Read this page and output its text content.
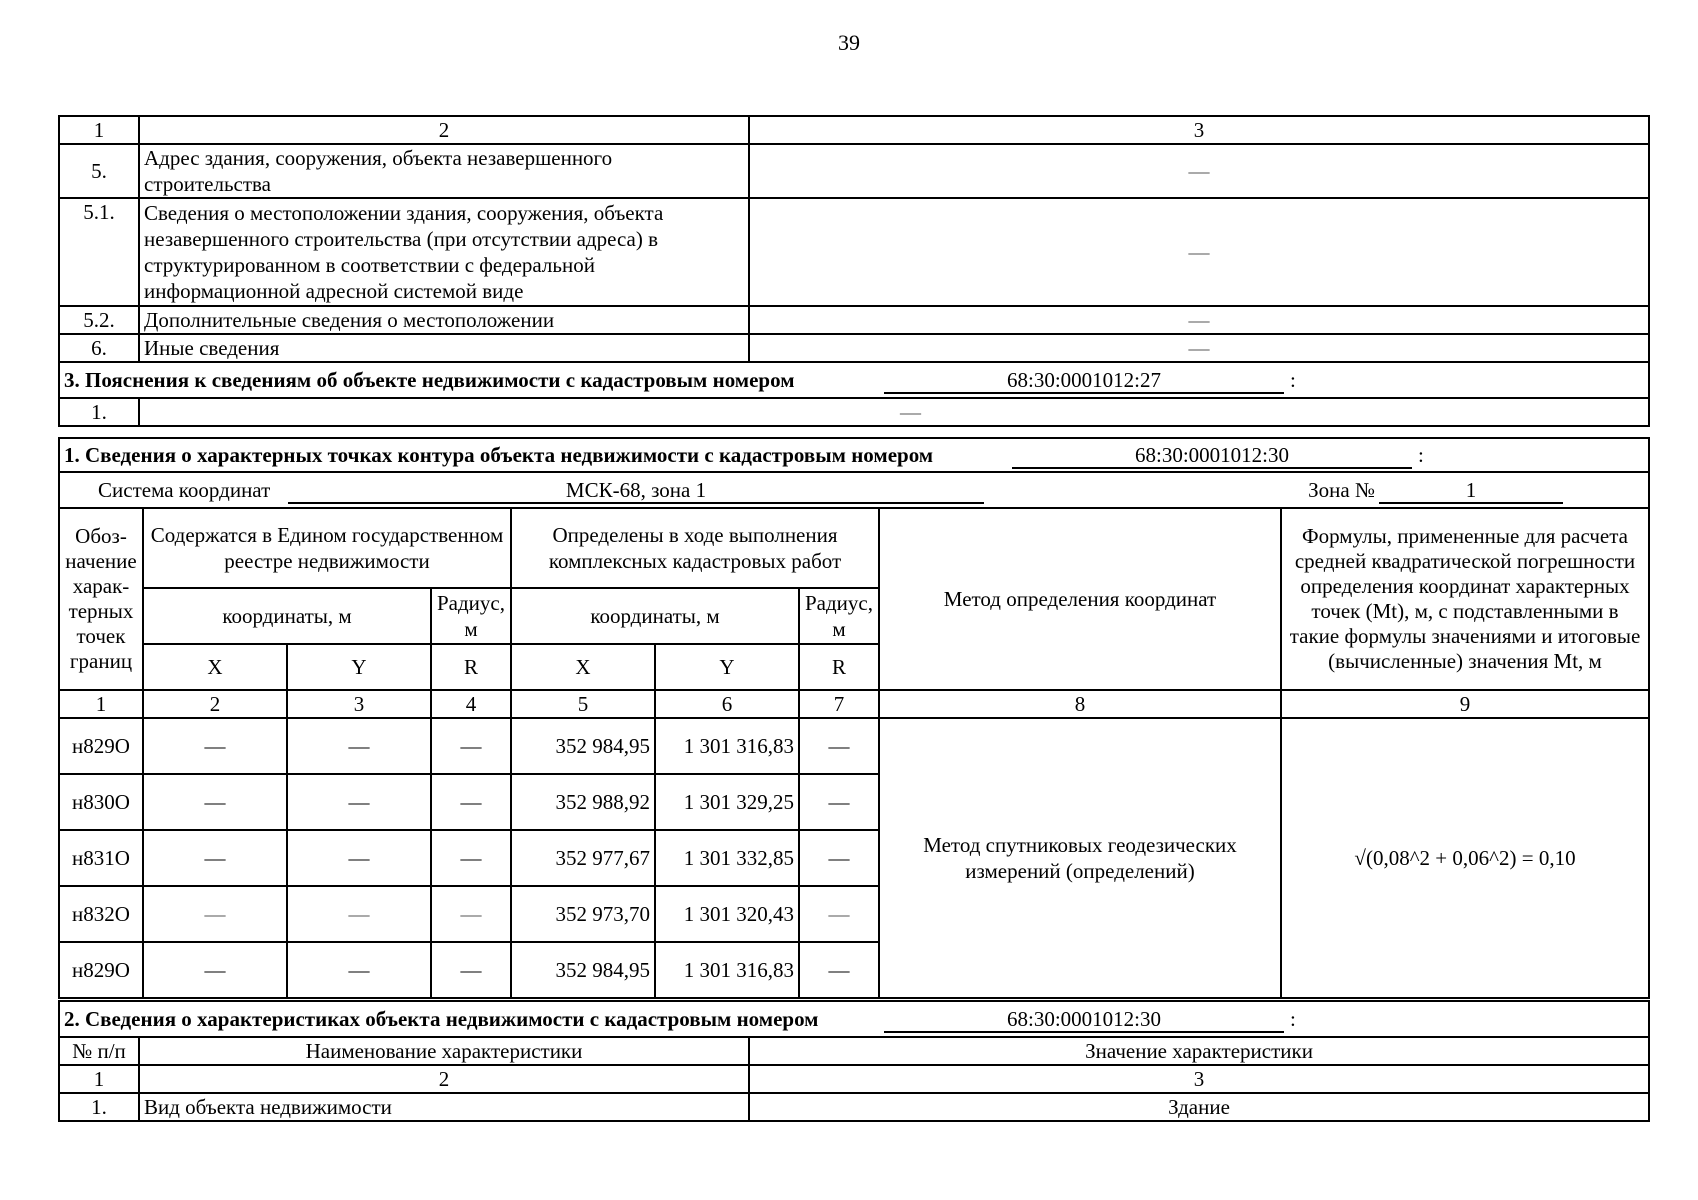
39
1	2	3
5.	Адрес здания, сооружения, объекта незавершенного строительства	—
5.1.	Сведения о местоположении здания, сооружения, объекта незавершенного строительства (при отсутствии адреса) в структурированном в соответствии с федеральной информационной адресной системой виде	—
5.2.	Дополнительные сведения о местоположении	—
6.	Иные сведения	—
3. Пояснения к сведениям об объекте недвижимости с кадастровым номером 68:30:0001012:27 :		
1.	—	
1. Сведения о характерных точках контура объекта недвижимости с кадастровым номером 68:30:0001012:30 :								
Система координат МСК-68, зона 1 Зона № 1								
Обоз-начение харак-терных точек границ	Содержатся в Едином государственном реестре недвижимости			Определены в ходе выполнения комплексных кадастровых работ			Метод определения координат	Формулы, примененные для расчета средней квадратической погрешности определения координат характерных точек (Mt), м, с подставленными в такие формулы значениями и итоговые (вычисленные) значения Mt, м
	координаты, м		Радиус, м	координаты, м		Радиус, м		
	X	Y	R	X	Y	R		
1	2	3	4	5	6	7	8	9
н829О	—	—	—	352 984,95	1 301 316,83	—	Метод спутниковых геодезических измерений (определений)	√(0,08^2 + 0,06^2) = 0,10
н830О	—	—	—	352 988,92	1 301 329,25	—		
н831О	—	—	—	352 977,67	1 301 332,85	—		
н832О	—	—	—	352 973,70	1 301 320,43	—		
н829О	—	—	—	352 984,95	1 301 316,83	—		
2. Сведения о характеристиках объекта недвижимости с кадастровым номером 68:30:0001012:30 :		
№ п/п	Наименование характеристики	Значение характеристики
1	2	3
1.	Вид объекта недвижимости	Здание
